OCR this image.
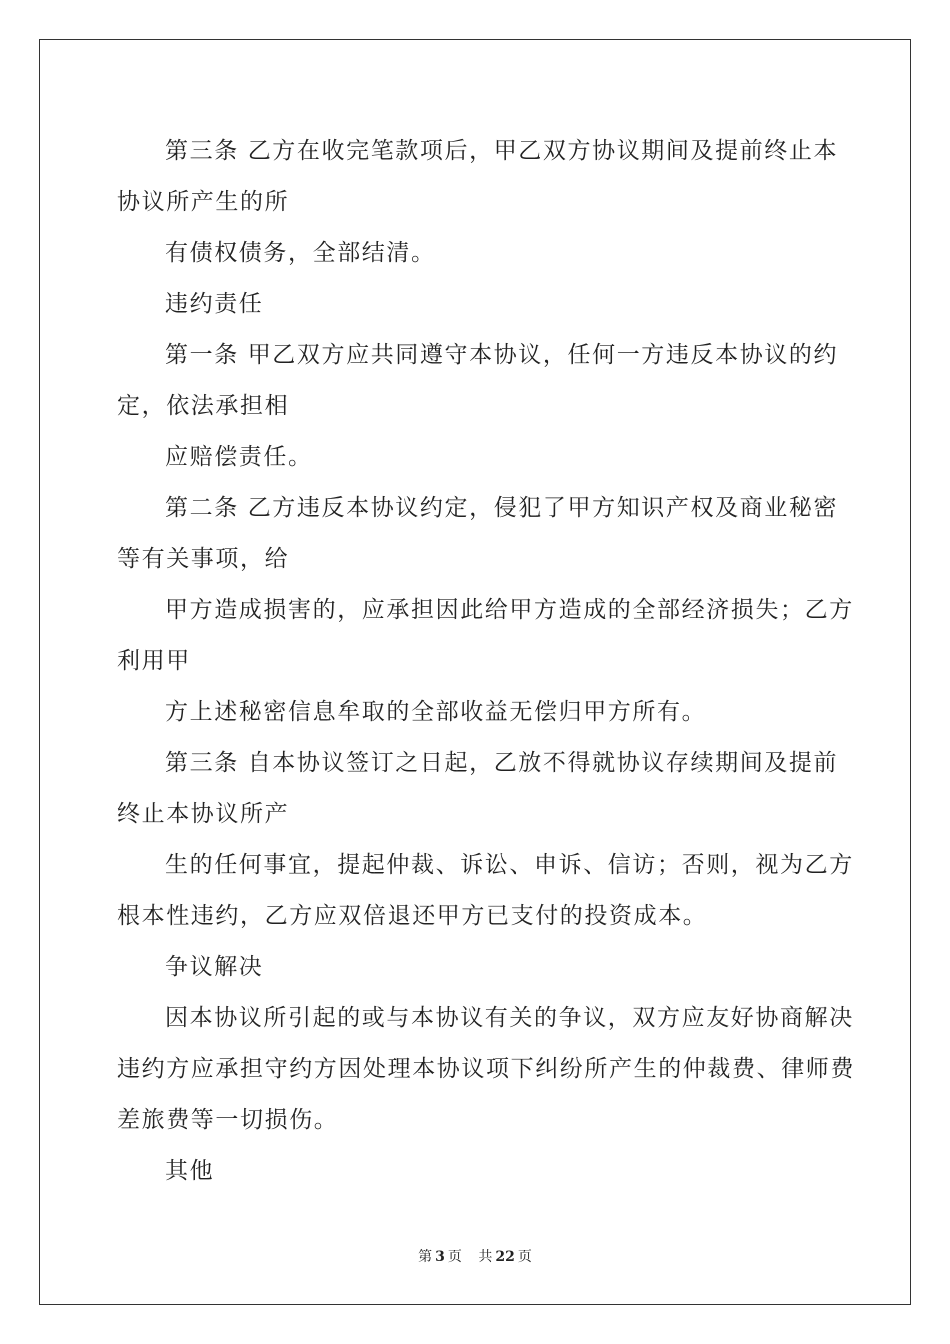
第三条 乙方在收完笔款项后，甲乙双方协议期间及提前终止本
协议所产生的所
有债权债务，全部结清。
违约责任
第一条 甲乙双方应共同遵守本协议，任何一方违反本协议的约
定，依法承担相
应赔偿责任。
第二条 乙方违反本协议约定，侵犯了甲方知识产权及商业秘密
等有关事项，给
甲方造成损害的，应承担因此给甲方造成的全部经济损失；乙方
利用甲
方上述秘密信息牟取的全部收益无偿归甲方所有。
第三条 自本协议签订之日起，乙放不得就协议存续期间及提前
终止本协议所产
生的任何事宜，提起仲裁、诉讼、申诉、信访；否则，视为乙方
根本性违约，乙方应双倍退还甲方已支付的投资成本。
争议解决
因本协议所引起的或与本协议有关的争议，双方应友好协商解决
违约方应承担守约方因处理本协议项下纠纷所产生的仲裁费、律师费
差旅费等一切损伤。
其他
第 3 页 共 22 页
